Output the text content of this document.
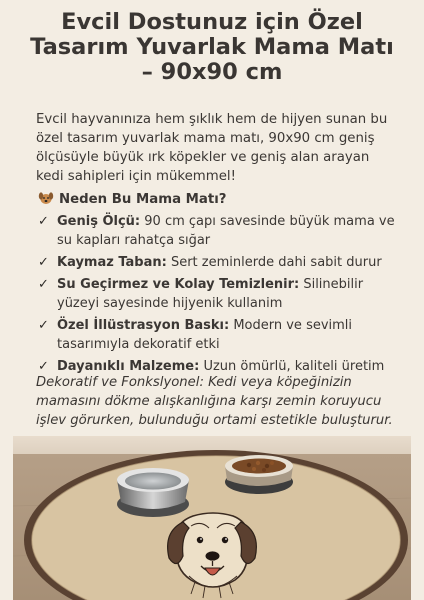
Evcil Dostunuz için Özel
Tasarım Yuvarlak Mama Matı
– 90x90 cm
Evcil hayvanınıza hem şıklık hem de hijyen sunan bu özel tasarım yuvarlak mama matı, 90x90 cm geniş ölçüsüyle büyük ırk köpekler ve geniş alan arayan kedi sahipleri için mükemmel!
Neden Bu Mama Matı?
✓ Geniş Ölçü: 90 cm çapı savesinde büyük mama ve su kapları rahatça sığar
✓ Kaymaz Taban: Sert zeminlerde dahi sabit durur
✓ Su Geçirmez ve Kolay Temizlenir: Silinebilir yüzeyi sayesinde hijyenik kullanim
✓ Özel İllüstrasyon Baskı: Modern ve sevimli tasarımıyla dekoratif etki
✓ Dayanıklı Malzeme: Uzun ömürlü, kaliteli üretim
Dekoratif ve Fonkslyonel: Kedi veya köpeğinizin mamasını dökme alışkanlığına karşı zemin koruyucu işlev görurken, bulunduğu ortami estetikle buluşturur.
